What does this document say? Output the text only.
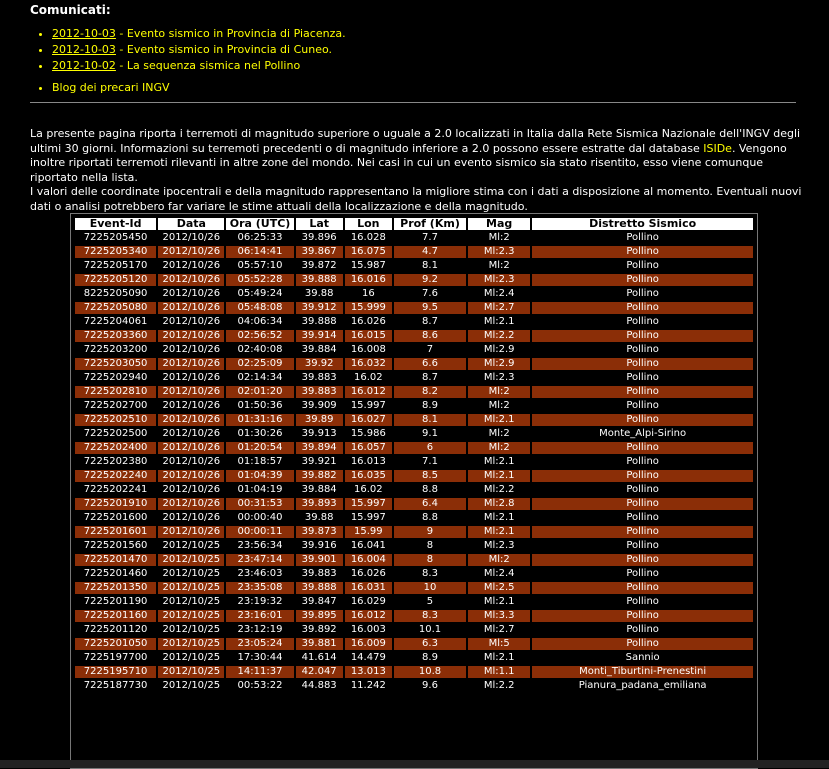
Comunicati:
• 2012-10-03 - Evento sismico in Provincia di Piacenza.
• 2012-10-03 - Evento sismico in Provincia di Cuneo.
• 2012-10-02 - La sequenza sismica nel Pollino
• Blog dei precari INGV
La presente pagina riporta i terremoti di magnitudo superiore o uguale a 2.0 localizzati in Italia dalla Rete Sismica Nazionale dell'INGV degli ultimi 30 giorni. Informazioni su terremoti precedenti o di magnitudo inferiore a 2.0 possono essere estratte dal database ISIDe. Vengono inoltre riportati terremoti rilevanti in altre zone del mondo. Nei casi in cui un evento sismico sia stato risentito, esso viene comunque riportato nella lista.
I valori delle coordinate ipocentrali e della magnitudo rappresentano la migliore stima con i dati a disposizione al momento. Eventuali nuovi dati o analisi potrebbero far variare le stime attuali della localizzazione e della magnitudo.
Event-Id	Data	Ora (UTC)	Lat	Lon	Prof (Km)	Mag	Distretto Sismico
7225205450	2012/10/26	06:25:33	39.896	16.028	7.7	Ml:2	Pollino
7225205340	2012/10/26	06:14:41	39.867	16.075	4.7	Ml:2.3	Pollino
7225205170	2012/10/26	05:57:10	39.872	15.987	8.1	Ml:2	Pollino
7225205120	2012/10/26	05:52:28	39.888	16.016	9.2	Ml:2.3	Pollino
8225205090	2012/10/26	05:49:24	39.88	16	7.6	Ml:2.4	Pollino
7225205080	2012/10/26	05:48:08	39.912	15.999	9.5	Ml:2.7	Pollino
7225204061	2012/10/26	04:06:34	39.888	16.026	8.7	Ml:2.1	Pollino
7225203360	2012/10/26	02:56:52	39.914	16.015	8.6	Ml:2.2	Pollino
7225203200	2012/10/26	02:40:08	39.884	16.008	7	Ml:2.9	Pollino
7225203050	2012/10/26	02:25:09	39.92	16.032	6.6	Ml:2.9	Pollino
7225202940	2012/10/26	02:14:34	39.883	16.02	8.7	Ml:2.3	Pollino
7225202810	2012/10/26	02:01:20	39.883	16.012	8.2	Ml:2	Pollino
7225202700	2012/10/26	01:50:36	39.909	15.997	8.9	Ml:2	Pollino
7225202510	2012/10/26	01:31:16	39.89	16.027	8.1	Ml:2.1	Pollino
7225202500	2012/10/26	01:30:26	39.913	15.986	9.1	Ml:2	Monte_Alpi-Sirino
7225202400	2012/10/26	01:20:54	39.894	16.057	6	Ml:2	Pollino
7225202380	2012/10/26	01:18:57	39.921	16.013	7.1	Ml:2.1	Pollino
7225202240	2012/10/26	01:04:39	39.882	16.035	8.5	Ml:2.1	Pollino
7225202241	2012/10/26	01:04:19	39.884	16.02	8.8	Ml:2.2	Pollino
7225201910	2012/10/26	00:31:53	39.893	15.997	6.4	Ml:2.8	Pollino
7225201600	2012/10/26	00:00:40	39.88	15.997	8.8	Ml:2.1	Pollino
7225201601	2012/10/26	00:00:11	39.873	15.99	9	Ml:2.1	Pollino
7225201560	2012/10/25	23:56:34	39.916	16.041	8	Ml:2.3	Pollino
7225201470	2012/10/25	23:47:14	39.901	16.004	8	Ml:2	Pollino
7225201460	2012/10/25	23:46:03	39.883	16.026	8.3	Ml:2.4	Pollino
7225201350	2012/10/25	23:35:08	39.888	16.031	10	Ml:2.5	Pollino
7225201190	2012/10/25	23:19:32	39.847	16.029	5	Ml:2.1	Pollino
7225201160	2012/10/25	23:16:01	39.895	16.012	8.3	Ml:3.3	Pollino
7225201120	2012/10/25	23:12:19	39.892	16.003	10.1	Ml:2.7	Pollino
7225201050	2012/10/25	23:05:24	39.881	16.009	6.3	Ml:5	Pollino
7225197700	2012/10/25	17:30:44	41.614	14.479	8.9	Ml:2.1	Sannio
7225195710	2012/10/25	14:11:37	42.047	13.013	10.8	Ml:1.1	Monti_Tiburtini-Prenestini
7225187730	2012/10/25	00:53:22	44.883	11.242	9.6	Ml:2.2	Pianura_padana_emiliana
